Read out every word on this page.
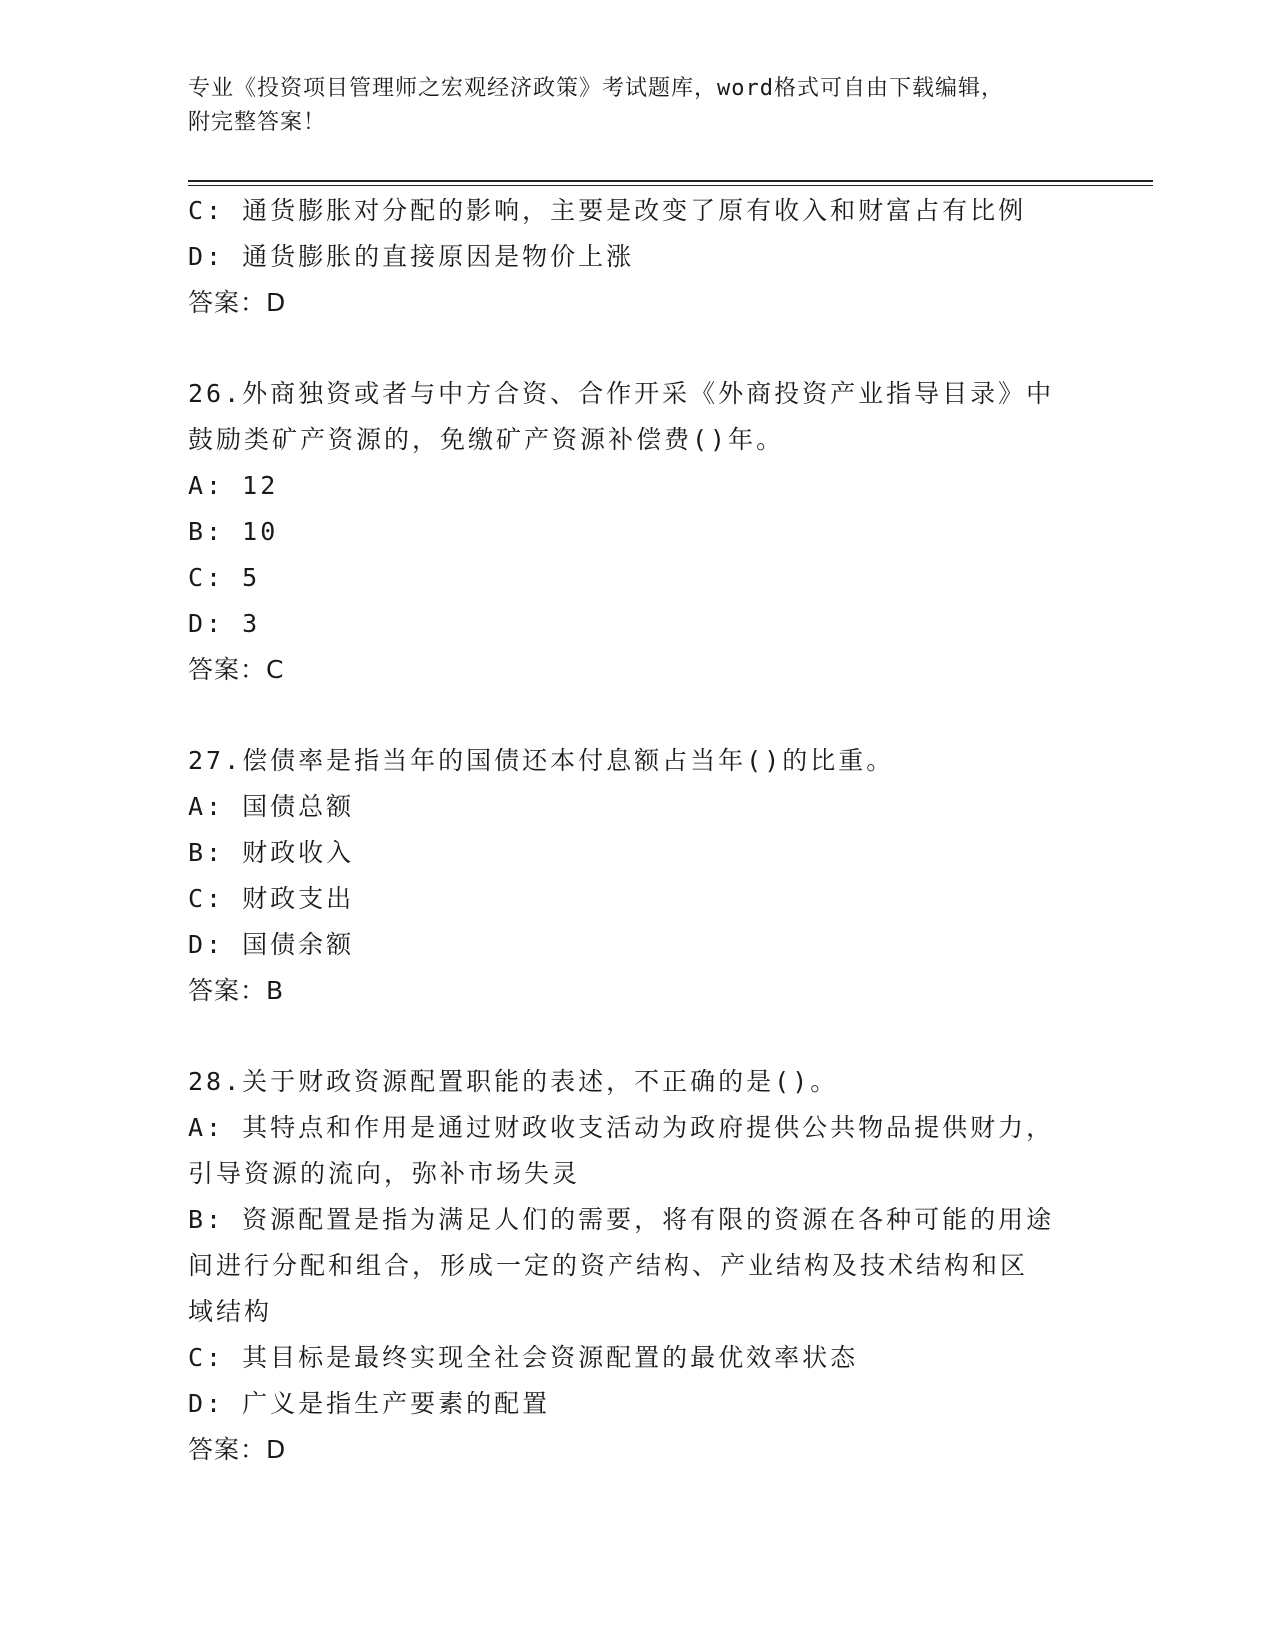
专业《投资项目管理师之宏观经济政策》考试题库，word格式可自由下载编辑，
附完整答案！
C: 通货膨胀对分配的影响，主要是改变了原有收入和财富占有比例
D: 通货膨胀的直接原因是物价上涨
答案：D
26.外商独资或者与中方合资、合作开采《外商投资产业指导目录》中
鼓励类矿产资源的，免缴矿产资源补偿费()年。
A: 12
B: 10
C: 5
D: 3
答案：C
27.偿债率是指当年的国债还本付息额占当年()的比重。
A: 国债总额
B: 财政收入
C: 财政支出
D: 国债余额
答案：B
28.关于财政资源配置职能的表述，不正确的是()。
A: 其特点和作用是通过财政收支活动为政府提供公共物品提供财力，
引导资源的流向，弥补市场失灵
B: 资源配置是指为满足人们的需要，将有限的资源在各种可能的用途
间进行分配和组合，形成一定的资产结构、产业结构及技术结构和区
域结构
C: 其目标是最终实现全社会资源配置的最优效率状态
D: 广义是指生产要素的配置
答案：D
